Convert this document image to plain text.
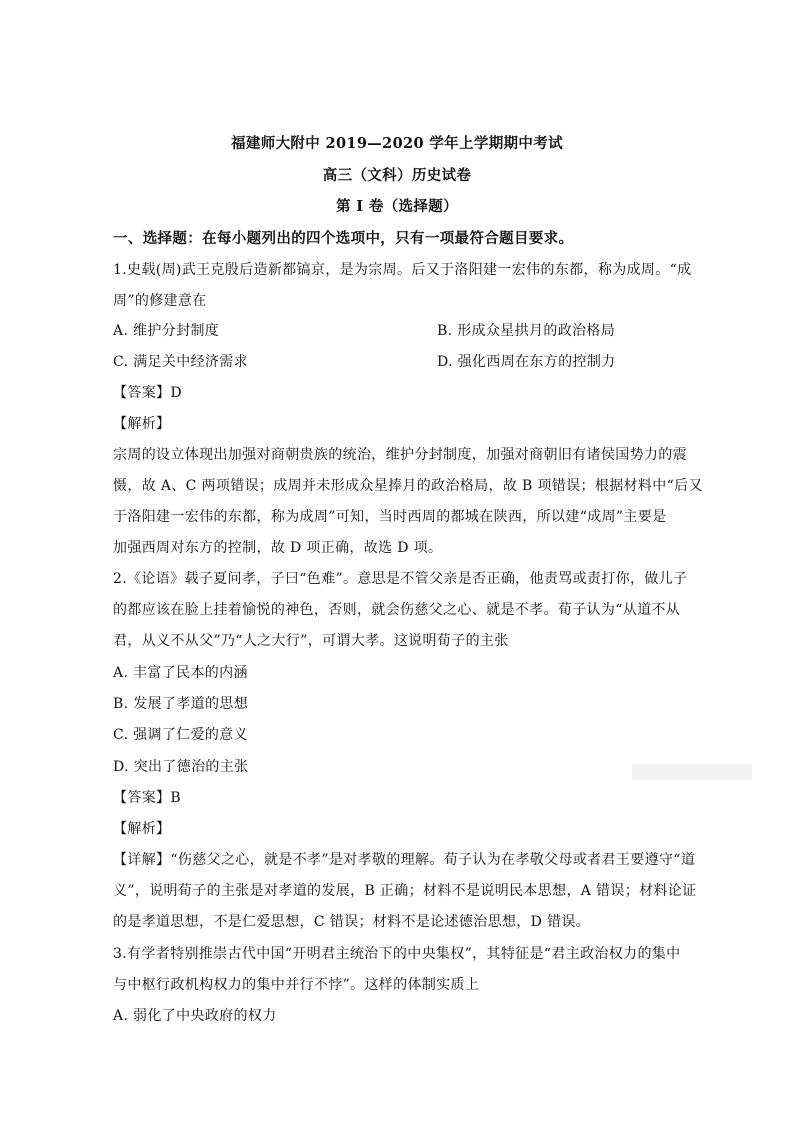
福建师大附中 2019—2020 学年上学期期中考试
高三（文科）历史试卷
第 Ⅰ 卷（选择题）
一、选择题：在每小题列出的四个选项中，只有一项最符合题目要求。
1.史载(周)武王克殷后造新都镐京，是为宗周。后又于洛阳建一宏伟的东都，称为成周。“成
周”的修建意在
A. 维护分封制度	B. 形成众星拱月的政治格局
C. 满足关中经济需求	D. 强化西周在东方的控制力
【答案】D
【解析】
宗周的设立体现出加强对商朝贵族的统治，维护分封制度，加强对商朝旧有诸侯国势力的震
慑，故 A、C 两项错误；成周并未形成众星捧月的政治格局，故 B 项错误；根据材料中“后又
于洛阳建一宏伟的东都，称为成周”可知，当时西周的都城在陕西，所以建“成周”主要是
加强西周对东方的控制，故 D 项正确，故选 D 项。
2.《论语》载子夏问孝，子曰“色难”。意思是不管父亲是否正确，他责骂或责打你，做儿子
的都应该在脸上挂着愉悦的神色，否则，就会伤慈父之心、就是不孝。荀子认为“从道不从
君，从义不从父”乃“人之大行”，可谓大孝。这说明荀子的主张
A. 丰富了民本的内涵
B. 发展了孝道的思想
C. 强调了仁爱的意义
D. 突出了德治的主张
【答案】B
【解析】
【详解】“伤慈父之心，就是不孝”是对孝敬的理解。荀子认为在孝敬父母或者君王要遵守“道
义”，说明荀子的主张是对孝道的发展，B 正确；材料不是说明民本思想，A 错误；材料论证
的是孝道思想，不是仁爱思想，C 错误；材料不是论述德治思想，D 错误。
3.有学者特别推崇古代中国“开明君主统治下的中央集权”，其特征是“君主政治权力的集中
与中枢行政机构权力的集中并行不悖”。这样的体制实质上
A. 弱化了中央政府的权力
